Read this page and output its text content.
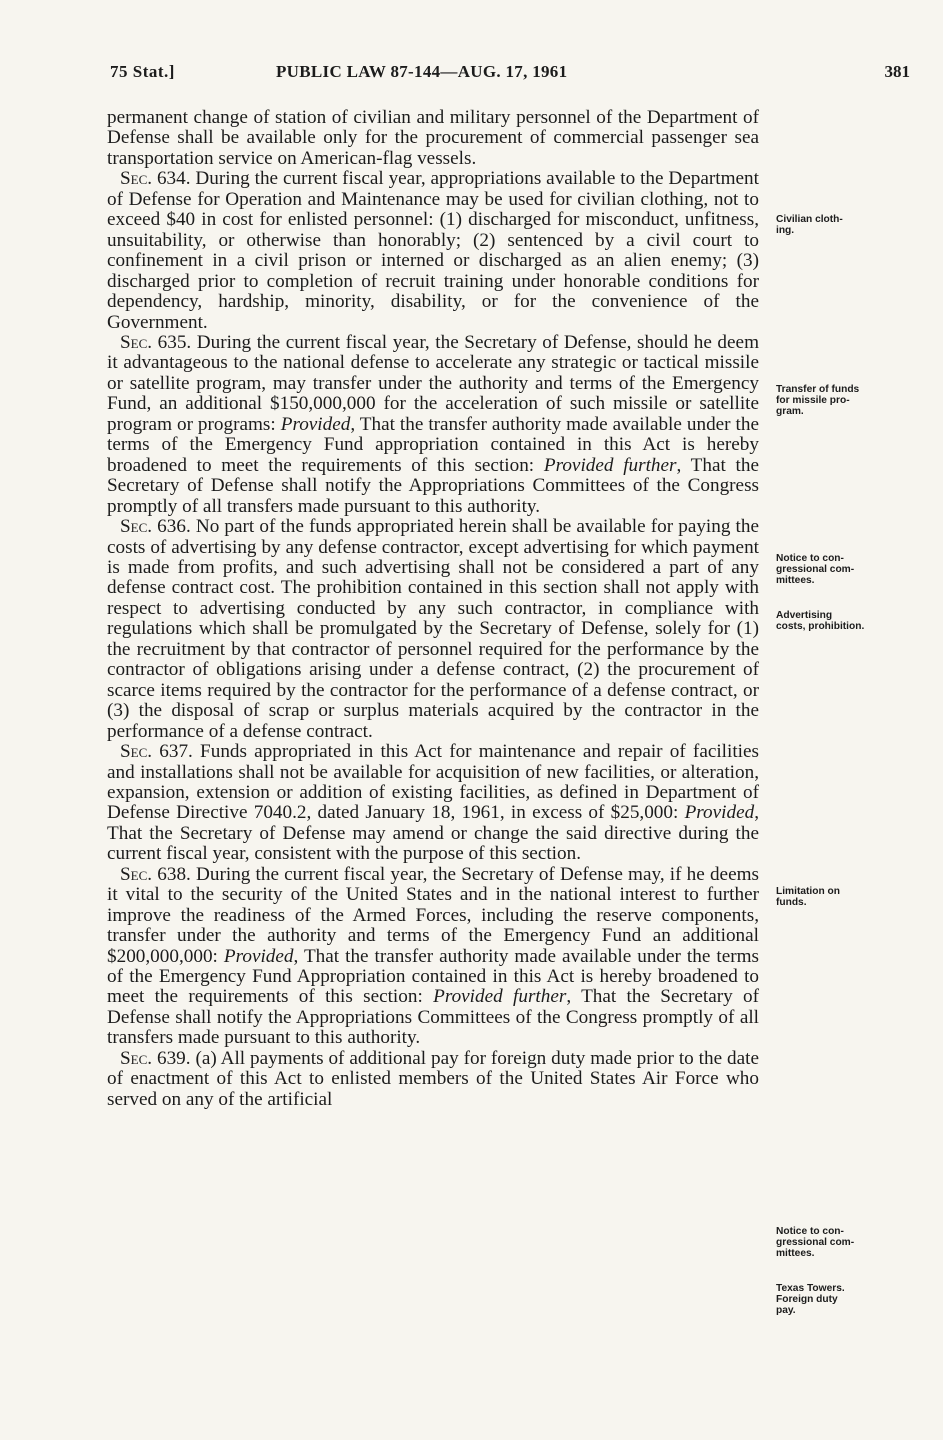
75 Stat.]	PUBLIC LAW 87-144—AUG. 17, 1961	381

permanent change of station of civilian and military personnel of the Department of Defense shall be available only for the procurement of commercial passenger sea transportation service on American-flag vessels.

Sec. 634. During the current fiscal year, appropriations available to the Department of Defense for Operation and Maintenance may be used for civilian clothing, not to exceed $40 in cost for enlisted personnel: (1) discharged for misconduct, unfitness, unsuitability, or otherwise than honorably; (2) sentenced by a civil court to confinement in a civil prison or interned or discharged as an alien enemy; (3) discharged prior to completion of recruit training under honorable conditions for dependency, hardship, minority, disability, or for the convenience of the Government.

Sec. 635. During the current fiscal year, the Secretary of Defense, should he deem it advantageous to the national defense to accelerate any strategic or tactical missile or satellite program, may transfer under the authority and terms of the Emergency Fund, an additional $150,000,000 for the acceleration of such missile or satellite program or programs: Provided, That the transfer authority made available under the terms of the Emergency Fund appropriation contained in this Act is hereby broadened to meet the requirements of this section: Provided further, That the Secretary of Defense shall notify the Appropriations Committees of the Congress promptly of all transfers made pursuant to this authority.

Sec. 636. No part of the funds appropriated herein shall be available for paying the costs of advertising by any defense contractor, except advertising for which payment is made from profits, and such advertising shall not be considered a part of any defense contract cost. The prohibition contained in this section shall not apply with respect to advertising conducted by any such contractor, in compliance with regulations which shall be promulgated by the Secretary of Defense, solely for (1) the recruitment by that contractor of personnel required for the performance by the contractor of obligations arising under a defense contract, (2) the procurement of scarce items required by the contractor for the performance of a defense contract, or (3) the disposal of scrap or surplus materials acquired by the contractor in the performance of a defense contract.

Sec. 637. Funds appropriated in this Act for maintenance and repair of facilities and installations shall not be available for acquisition of new facilities, or alteration, expansion, extension or addition of existing facilities, as defined in Department of Defense Directive 7040.2, dated January 18, 1961, in excess of $25,000: Provided, That the Secretary of Defense may amend or change the said directive during the current fiscal year, consistent with the purpose of this section.

Sec. 638. During the current fiscal year, the Secretary of Defense may, if he deems it vital to the security of the United States and in the national interest to further improve the readiness of the Armed Forces, including the reserve components, transfer under the authority and terms of the Emergency Fund an additional $200,000,000: Provided, That the transfer authority made available under the terms of the Emergency Fund Appropriation contained in this Act is hereby broadened to meet the requirements of this section: Provided further, That the Secretary of Defense shall notify the Appropriations Committees of the Congress promptly of all transfers made pursuant to this authority.

Sec. 639. (a) All payments of additional pay for foreign duty made prior to the date of enactment of this Act to enlisted members of the United States Air Force who served on any of the artificial

Civilian cloth-
ing.
Transfer of funds
for missile pro-
gram.
Notice to con-
gressional com-
mittees.
Advertising
costs, prohibition.
Limitation on
funds.
Notice to con-
gressional com-
mittees.
Texas Towers.
Foreign duty
pay.
